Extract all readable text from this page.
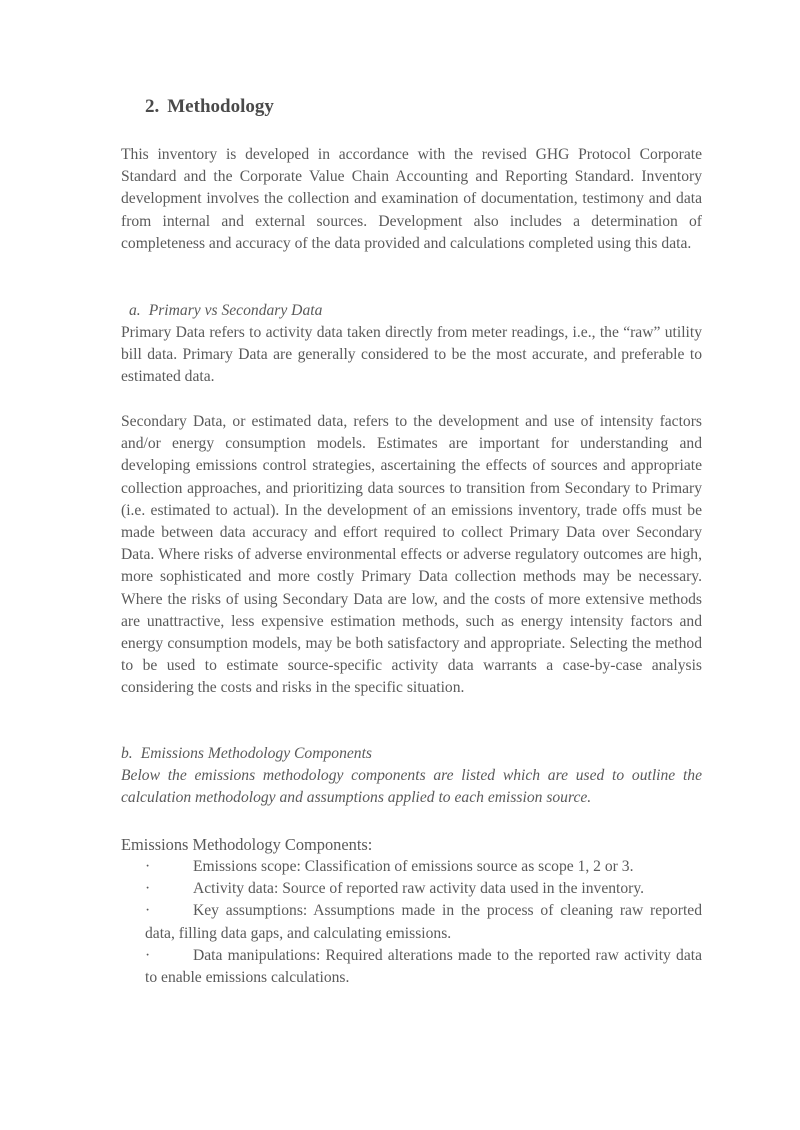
2. Methodology

This inventory is developed in accordance with the revised GHG Protocol Corporate Standard and the Corporate Value Chain Accounting and Reporting Standard. Inventory development involves the collection and examination of documentation, testimony and data from internal and external sources. Development also includes a determination of completeness and accuracy of the data provided and calculations completed using this data.

a. Primary vs Secondary Data

Primary Data refers to activity data taken directly from meter readings, i.e., the “raw” utility bill data. Primary Data are generally considered to be the most accurate, and preferable to estimated data.

Secondary Data, or estimated data, refers to the development and use of intensity factors and/or energy consumption models. Estimates are important for understanding and developing emissions control strategies, ascertaining the effects of sources and appropriate collection approaches, and prioritizing data sources to transition from Secondary to Primary (i.e. estimated to actual). In the development of an emissions inventory, trade offs must be made between data accuracy and effort required to collect Primary Data over Secondary Data. Where risks of adverse environmental effects or adverse regulatory outcomes are high, more sophisticated and more costly Primary Data collection methods may be necessary. Where the risks of using Secondary Data are low, and the costs of more extensive methods are unattractive, less expensive estimation methods, such as energy intensity factors and energy consumption models, may be both satisfactory and appropriate. Selecting the method to be used to estimate source-specific activity data warrants a case-by-case analysis considering the costs and risks in the specific situation.

b. Emissions Methodology Components

Below the emissions methodology components are listed which are used to outline the calculation methodology and assumptions applied to each emission source.

Emissions Methodology Components:

·	Emissions scope: Classification of emissions source as scope 1, 2 or 3.
·	Activity data: Source of reported raw activity data used in the inventory.
·	Key assumptions: Assumptions made in the process of cleaning raw reported data, filling data gaps, and calculating emissions.
·	Data manipulations: Required alterations made to the reported raw activity data to enable emissions calculations.
